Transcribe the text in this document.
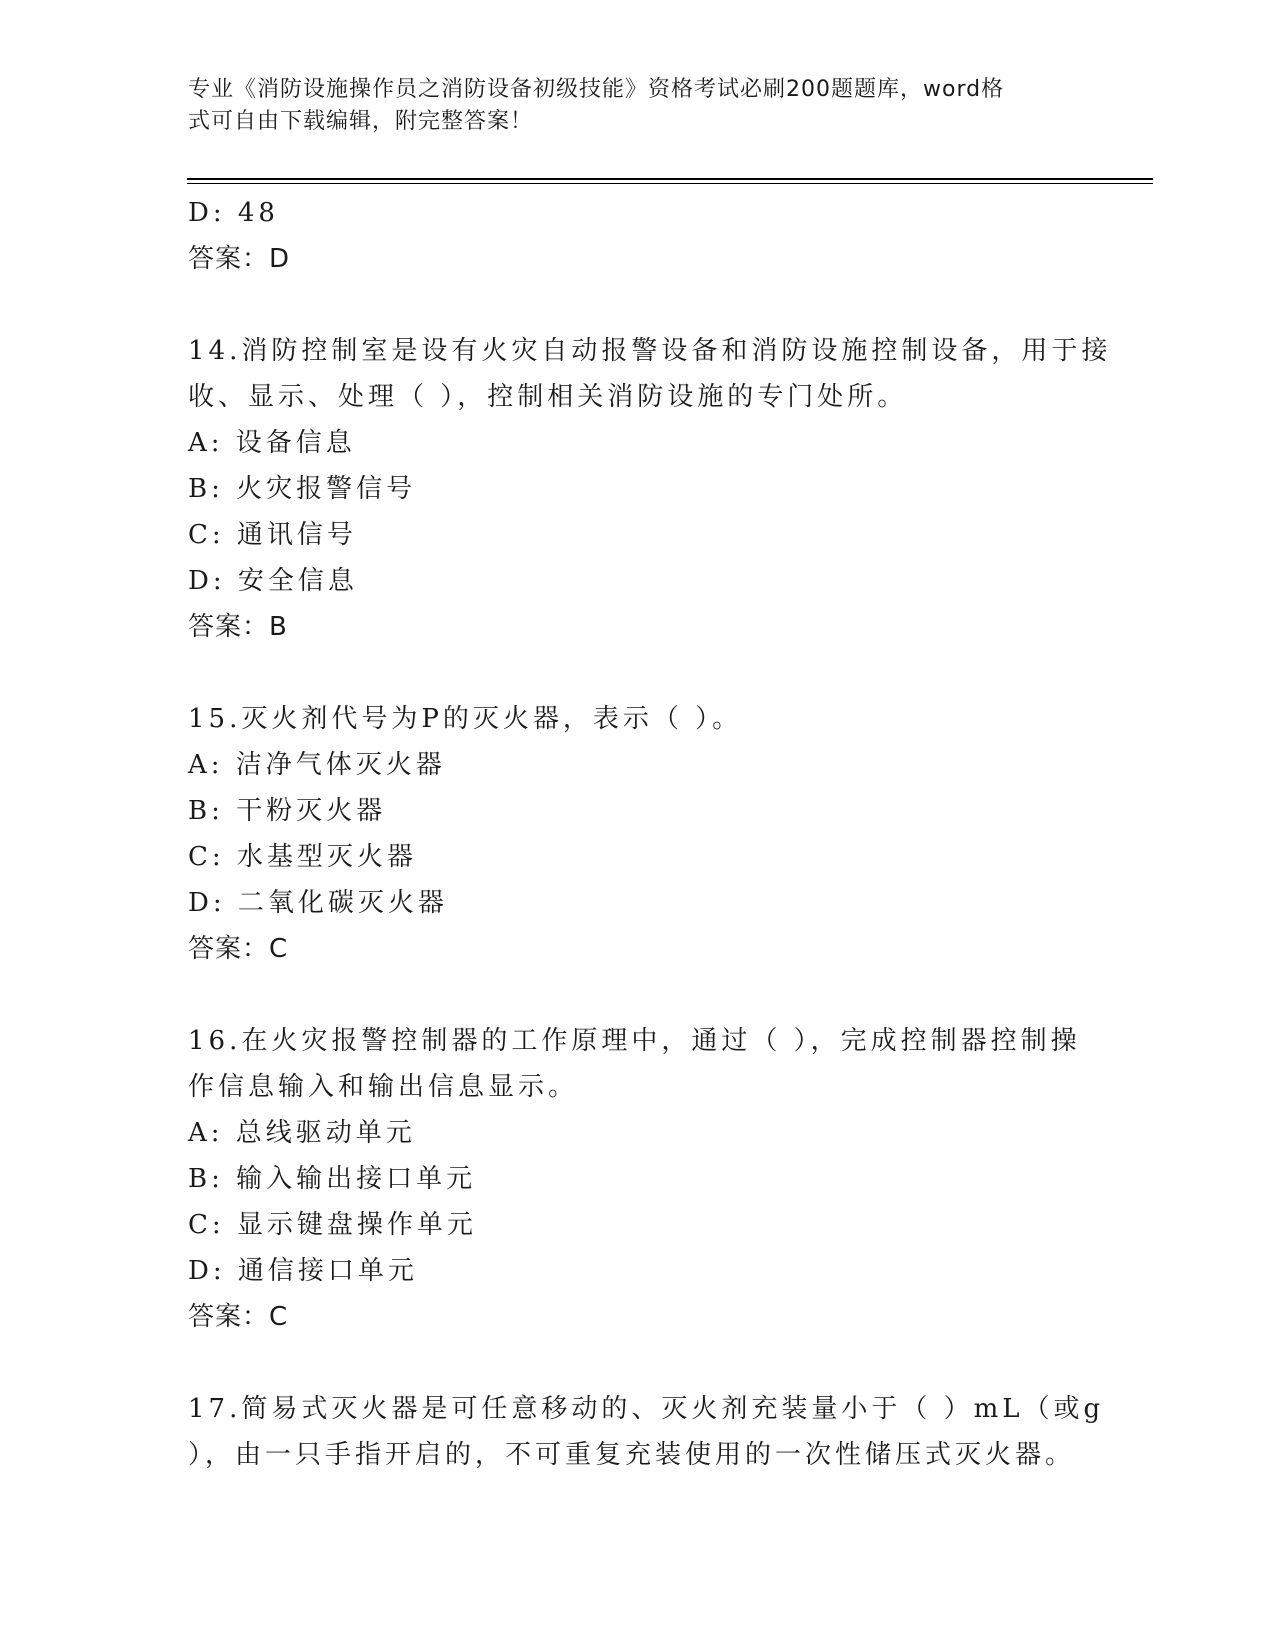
专业《消防设施操作员之消防设备初级技能》资格考试必刷200题题库，word格
式可自由下载编辑，附完整答案！
D: 48
答案：D
14.消防控制室是设有火灾自动报警设备和消防设施控制设备，用于接
收、显示、处理（ ），控制相关消防设施的专门处所。
A: 设备信息
B: 火灾报警信号
C: 通讯信号
D: 安全信息
答案：B
15.灭火剂代号为P的灭火器，表示（ ）。
A: 洁净气体灭火器
B: 干粉灭火器
C: 水基型灭火器
D: 二氧化碳灭火器
答案：C
16.在火灾报警控制器的工作原理中，通过（ ），完成控制器控制操
作信息输入和输出信息显示。
A: 总线驱动单元
B: 输入输出接口单元
C: 显示键盘操作单元
D: 通信接口单元
答案：C
17.简易式灭火器是可任意移动的、灭火剂充装量小于（ ）mL（或g
），由一只手指开启的，不可重复充装使用的一次性储压式灭火器。
